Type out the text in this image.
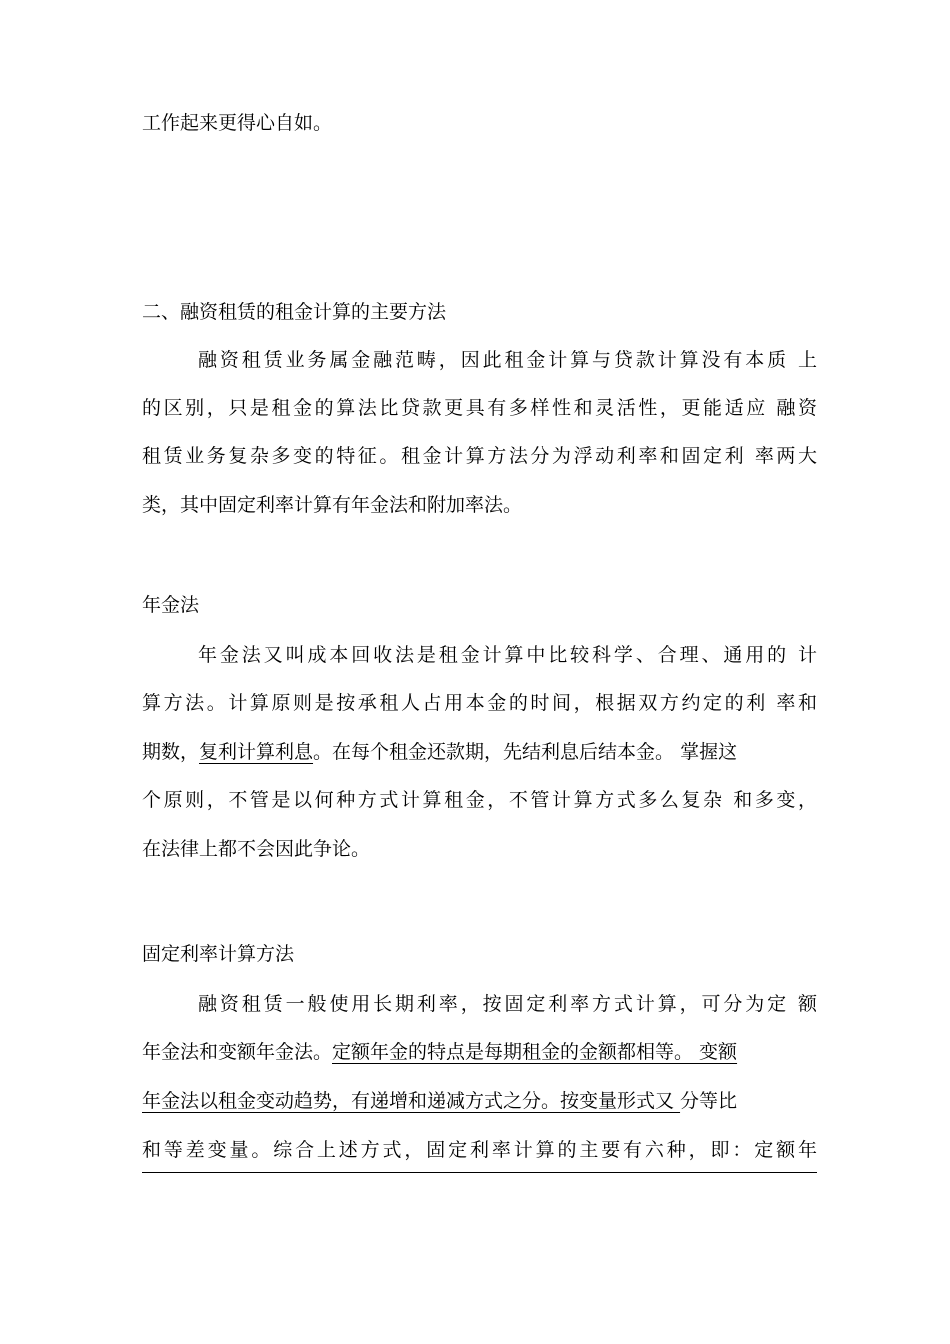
工作起来更得心自如。
二、融资租赁的租金计算的主要方法
融资租赁业务属金融范畴，因此租金计算与贷款计算没有本质 上
的区别，只是租金的算法比贷款更具有多样性和灵活性，更能适应 融资
租赁业务复杂多变的特征。租金计算方法分为浮动利率和固定利 率两大
类，其中固定利率计算有年金法和附加率法。
年金法
年金法又叫成本回收法是租金计算中比较科学、合理、通用的 计
算方法。计算原则是按承租人占用本金的时间，根据双方约定的利 率和
期数，复利计算利息。在每个租金还款期，先结利息后结本金。 掌握这
个原则，不管是以何种方式计算租金，不管计算方式多么复杂 和多变，
在法律上都不会因此争论。
固定利率计算方法
融资租赁一般使用长期利率，按固定利率方式计算，可分为定 额
年金法和变额年金法。定额年金的特点是每期租金的金额都相等。 变额
年金法以租金变动趋势，有递增和递减方式之分。按变量形式又 分等比
和等差变量。综合上述方式，固定利率计算的主要有六种，即：定额年
